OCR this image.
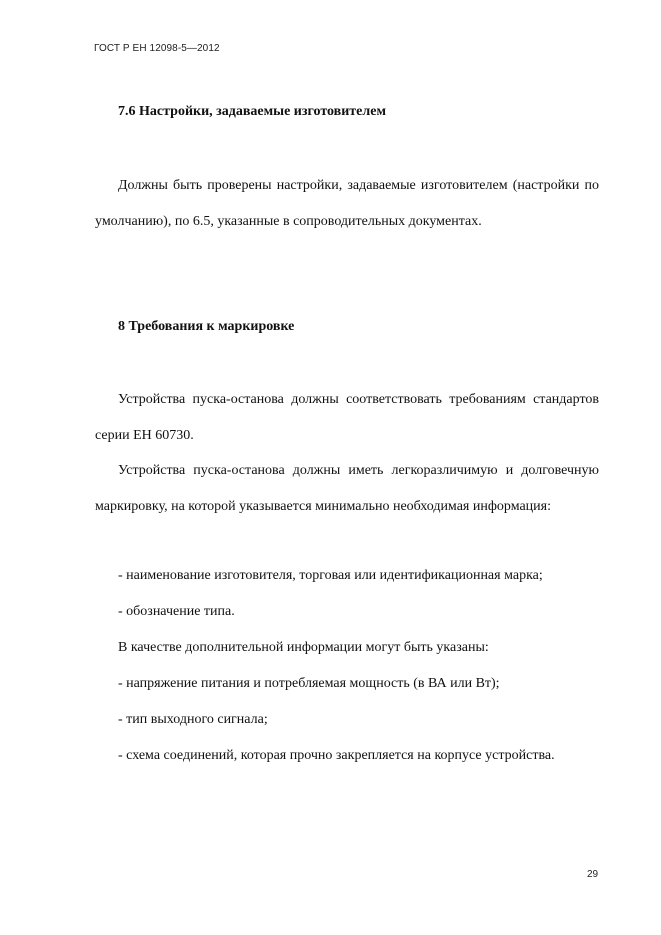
ГОСТ Р ЕН 12098-5—2012
7.6 Настройки, задаваемые изготовителем

Должны быть проверены настройки, задаваемые изготовителем (настройки по умолчанию), по 6.5, указанные в сопроводительных документах.

8 Требования к маркировке

Устройства пуска-останова должны соответствовать требованиям стандартов серии ЕН 60730.

Устройства пуска-останова должны иметь легкоразличимую и долговечную маркировку, на которой указывается минимально необходимая информация:

- наименование изготовителя, торговая или идентификационная марка;

- обозначение типа.

В качестве дополнительной информации могут быть указаны:

- напряжение питания и потребляемая мощность (в ВА или Вт);

- тип выходного сигнала;

- схема соединений, которая прочно закрепляется на корпусе устройства.

29
